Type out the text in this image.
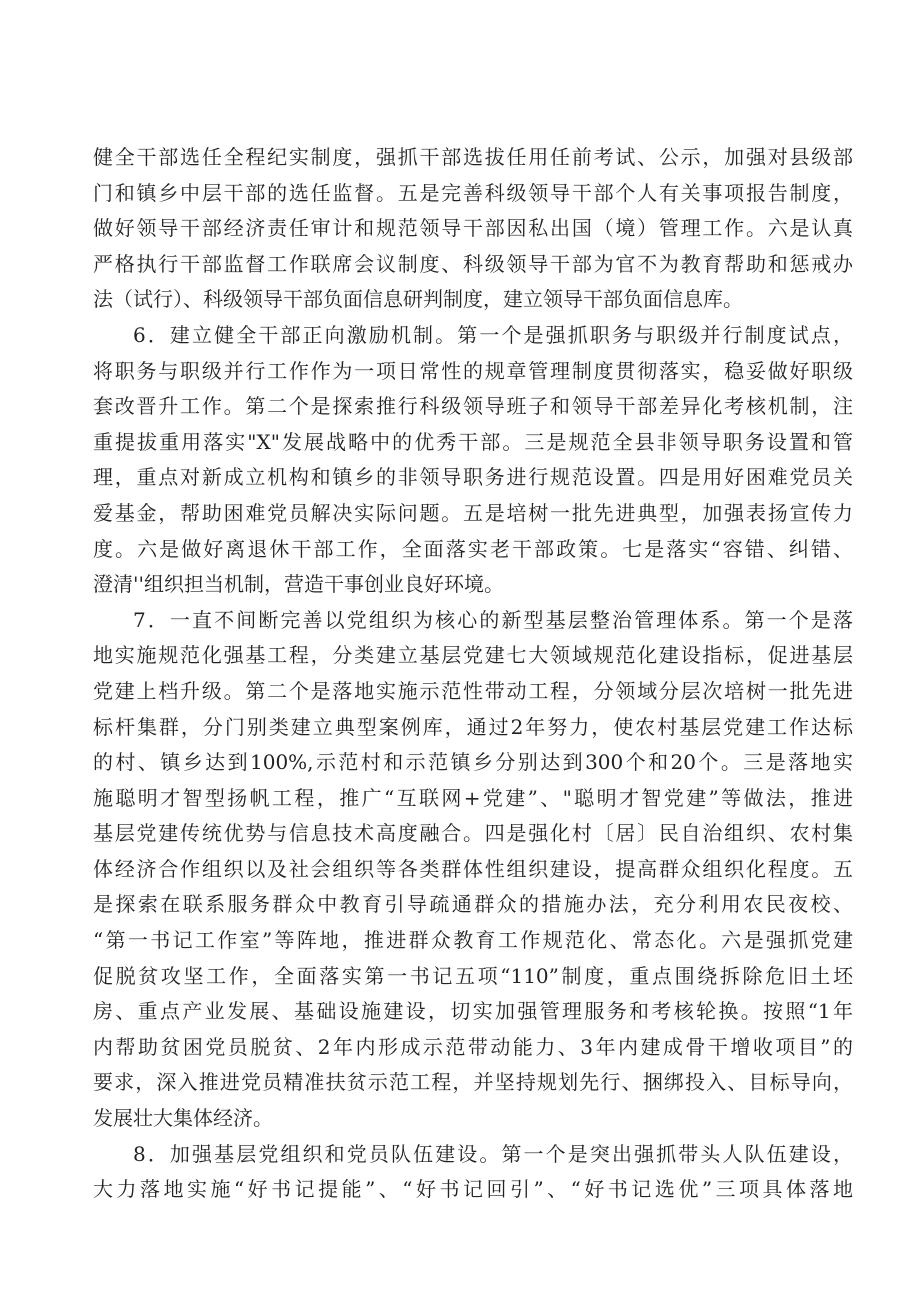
健全干部选任全程纪实制度，强抓干部选拔任用任前考试、公示，加强对县级部
门和镇乡中层干部的选任监督。五是完善科级领导干部个人有关事项报告制度，
做好领导干部经济责任审计和规范领导干部因私出国（境）管理工作。六是认真
严格执行干部监督工作联席会议制度、科级领导干部为官不为教育帮助和惩戒办
法（试行）、科级领导干部负面信息研判制度，建立领导干部负面信息库。
6．建立健全干部正向激励机制。第一个是强抓职务与职级并行制度试点，
将职务与职级并行工作作为一项日常性的规章管理制度贯彻落实，稳妥做好职级
套改晋升工作。第二个是探索推行科级领导班子和领导干部差异化考核机制，注
重提拔重用落实"X"发展战略中的优秀干部。三是规范全县非领导职务设置和管
理，重点对新成立机构和镇乡的非领导职务进行规范设置。四是用好困难党员关
爱基金，帮助困难党员解决实际问题。五是培树一批先进典型，加强表扬宣传力
度。六是做好离退休干部工作，全面落实老干部政策。七是落实“容错、纠错、
澄清''组织担当机制，营造干事创业良好环境。
7．一直不间断完善以党组织为核心的新型基层整治管理体系。第一个是落
地实施规范化强基工程，分类建立基层党建七大领域规范化建设指标，促进基层
党建上档升级。第二个是落地实施示范性带动工程，分领域分层次培树一批先进
标杆集群，分门别类建立典型案例库，通过2年努力，使农村基层党建工作达标
的村、镇乡达到100%,示范村和示范镇乡分别达到300个和20个。三是落地实
施聪明才智型扬帆工程，推广“互联网+党建”、"聪明才智党建”等做法，推进
基层党建传统优势与信息技术高度融合。四是强化村〔居〕民自治组织、农村集
体经济合作组织以及社会组织等各类群体性组织建设，提高群众组织化程度。五
是探索在联系服务群众中教育引导疏通群众的措施办法，充分利用农民夜校、
“第一书记工作室”等阵地，推进群众教育工作规范化、常态化。六是强抓党建
促脱贫攻坚工作，全面落实第一书记五项“110”制度，重点围绕拆除危旧土坯
房、重点产业发展、基础设施建设，切实加强管理服务和考核轮换。按照“1年
内帮助贫困党员脱贫、2年内形成示范带动能力、3年内建成骨干增收项目”的
要求，深入推进党员精准扶贫示范工程，并坚持规划先行、捆绑投入、目标导向，
发展壮大集体经济。
8．加强基层党组织和党员队伍建设。第一个是突出强抓带头人队伍建设，
大力落地实施“好书记提能”、“好书记回引”、“好书记选优”三项具体落地
